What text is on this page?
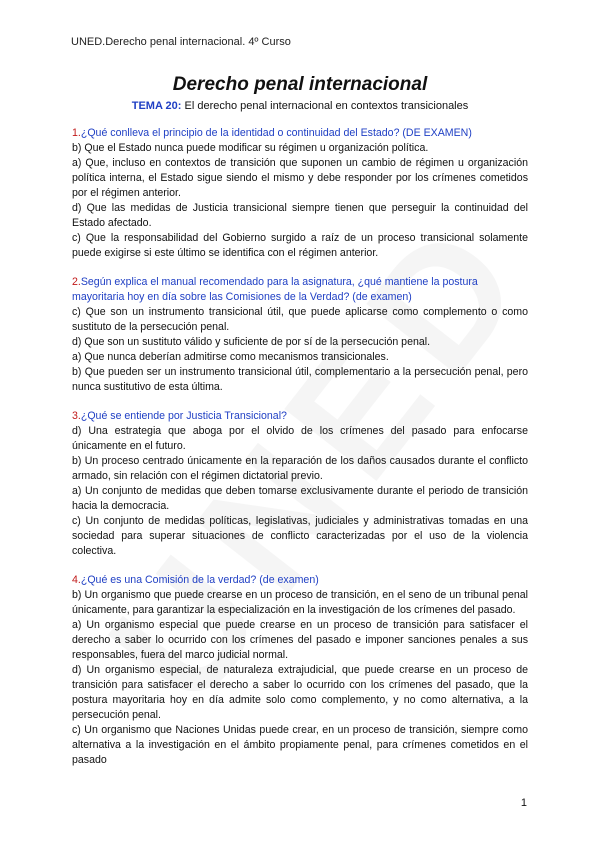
UNED.Derecho penal internacional. 4º Curso
Derecho penal internacional
TEMA 20: El derecho penal internacional en contextos transicionales

1.¿Qué conlleva el principio de la identidad o continuidad del Estado? (DE EXAMEN)

b) Que el Estado nunca puede modificar su régimen u organización política.

a) Que, incluso en contextos de transición que suponen un cambio de régimen u organización política interna, el Estado sigue siendo el mismo y debe responder por los crímenes cometidos por el régimen anterior.

d) Que las medidas de Justicia transicional siempre tienen que perseguir la continuidad del Estado afectado.

c) Que la responsabilidad del Gobierno surgido a raíz de un proceso transicional solamente puede exigirse si este último se identifica con el régimen anterior.

2.Según explica el manual recomendado para la asignatura, ¿qué mantiene la postura mayoritaria hoy en día sobre las Comisiones de la Verdad? (de examen)

c) Que son un instrumento transicional útil, que puede aplicarse como complemento o como sustituto de la persecución penal.

d) Que son un sustituto válido y suficiente de por sí de la persecución penal.

a) Que nunca deberían admitirse como mecanismos transicionales.

b) Que pueden ser un instrumento transicional útil, complementario a la persecución penal, pero nunca sustitutivo de esta última.

3.¿Qué se entiende por Justicia Transicional?

d) Una estrategia que aboga por el olvido de los crímenes del pasado para enfocarse únicamente en el futuro.

b) Un proceso centrado únicamente en la reparación de los daños causados durante el conflicto armado, sin relación con el régimen dictatorial previo.

a) Un conjunto de medidas que deben tomarse exclusivamente durante el periodo de transición hacia la democracia.

c) Un conjunto de medidas políticas, legislativas, judiciales y administrativas tomadas en una sociedad para superar situaciones de conflicto caracterizadas por el uso de la violencia colectiva.

4.¿Qué es una Comisión de la verdad? (de examen)

b) Un organismo que puede crearse en un proceso de transición, en el seno de un tribunal penal únicamente, para garantizar la especialización en la investigación de los crímenes del pasado.

a) Un organismo especial que puede crearse en un proceso de transición para satisfacer el derecho a saber lo ocurrido con los crímenes del pasado e imponer sanciones penales a sus responsables, fuera del marco judicial normal.

d) Un organismo especial, de naturaleza extrajudicial, que puede crearse en un proceso de transición para satisfacer el derecho a saber lo ocurrido con los crímenes del pasado, que la postura mayoritaria hoy en día admite solo como complemento, y no como alternativa, a la persecución penal.

c) Un organismo que Naciones Unidas puede crear, en un proceso de transición, siempre como alternativa a la investigación en el ámbito propiamente penal, para crímenes cometidos en el pasado

1
